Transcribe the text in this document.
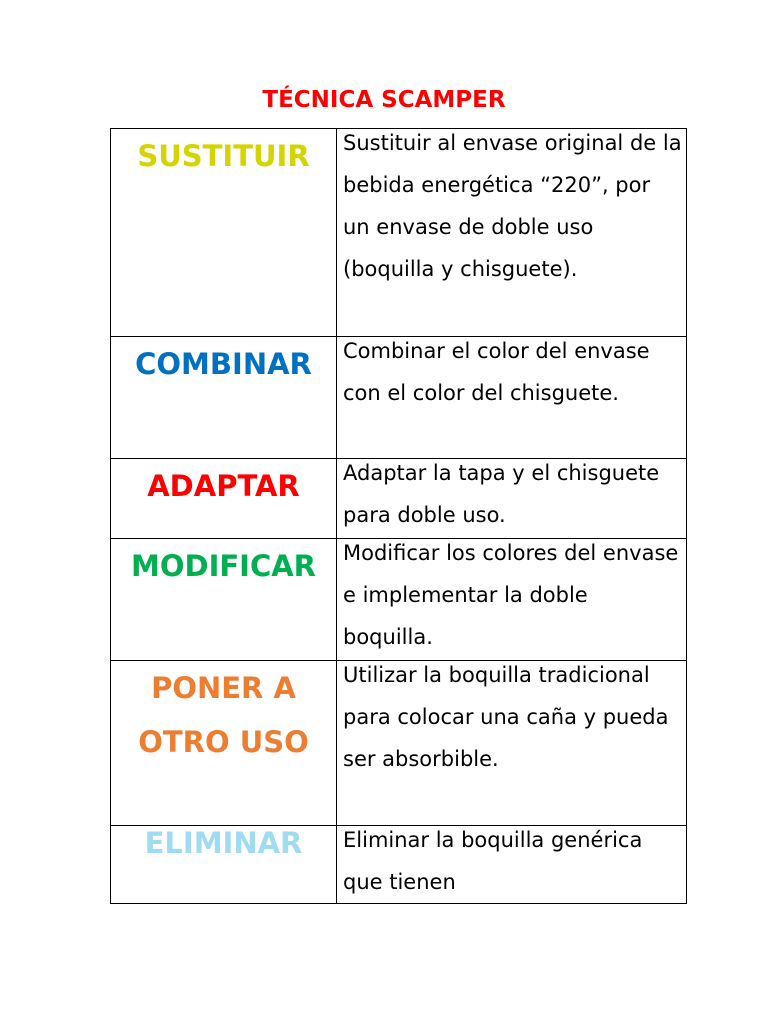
TÉCNICA SCAMPER
SUSTITUIR	Sustituir al envase original de la bebida energética “220”, por un envase de doble uso (boquilla y chisguete).

COMBINAR	Combinar el color del envase con el color del chisguete.

ADAPTAR	Adaptar la tapa y el chisguete para doble uso.

MODIFICAR	Modificar los colores del envase e implementar la doble boquilla.

PONER A OTRO USO	Utilizar la boquilla tradicional para colocar una caña y pueda ser absorbible.

ELIMINAR	Eliminar la boquilla genérica que tienen
